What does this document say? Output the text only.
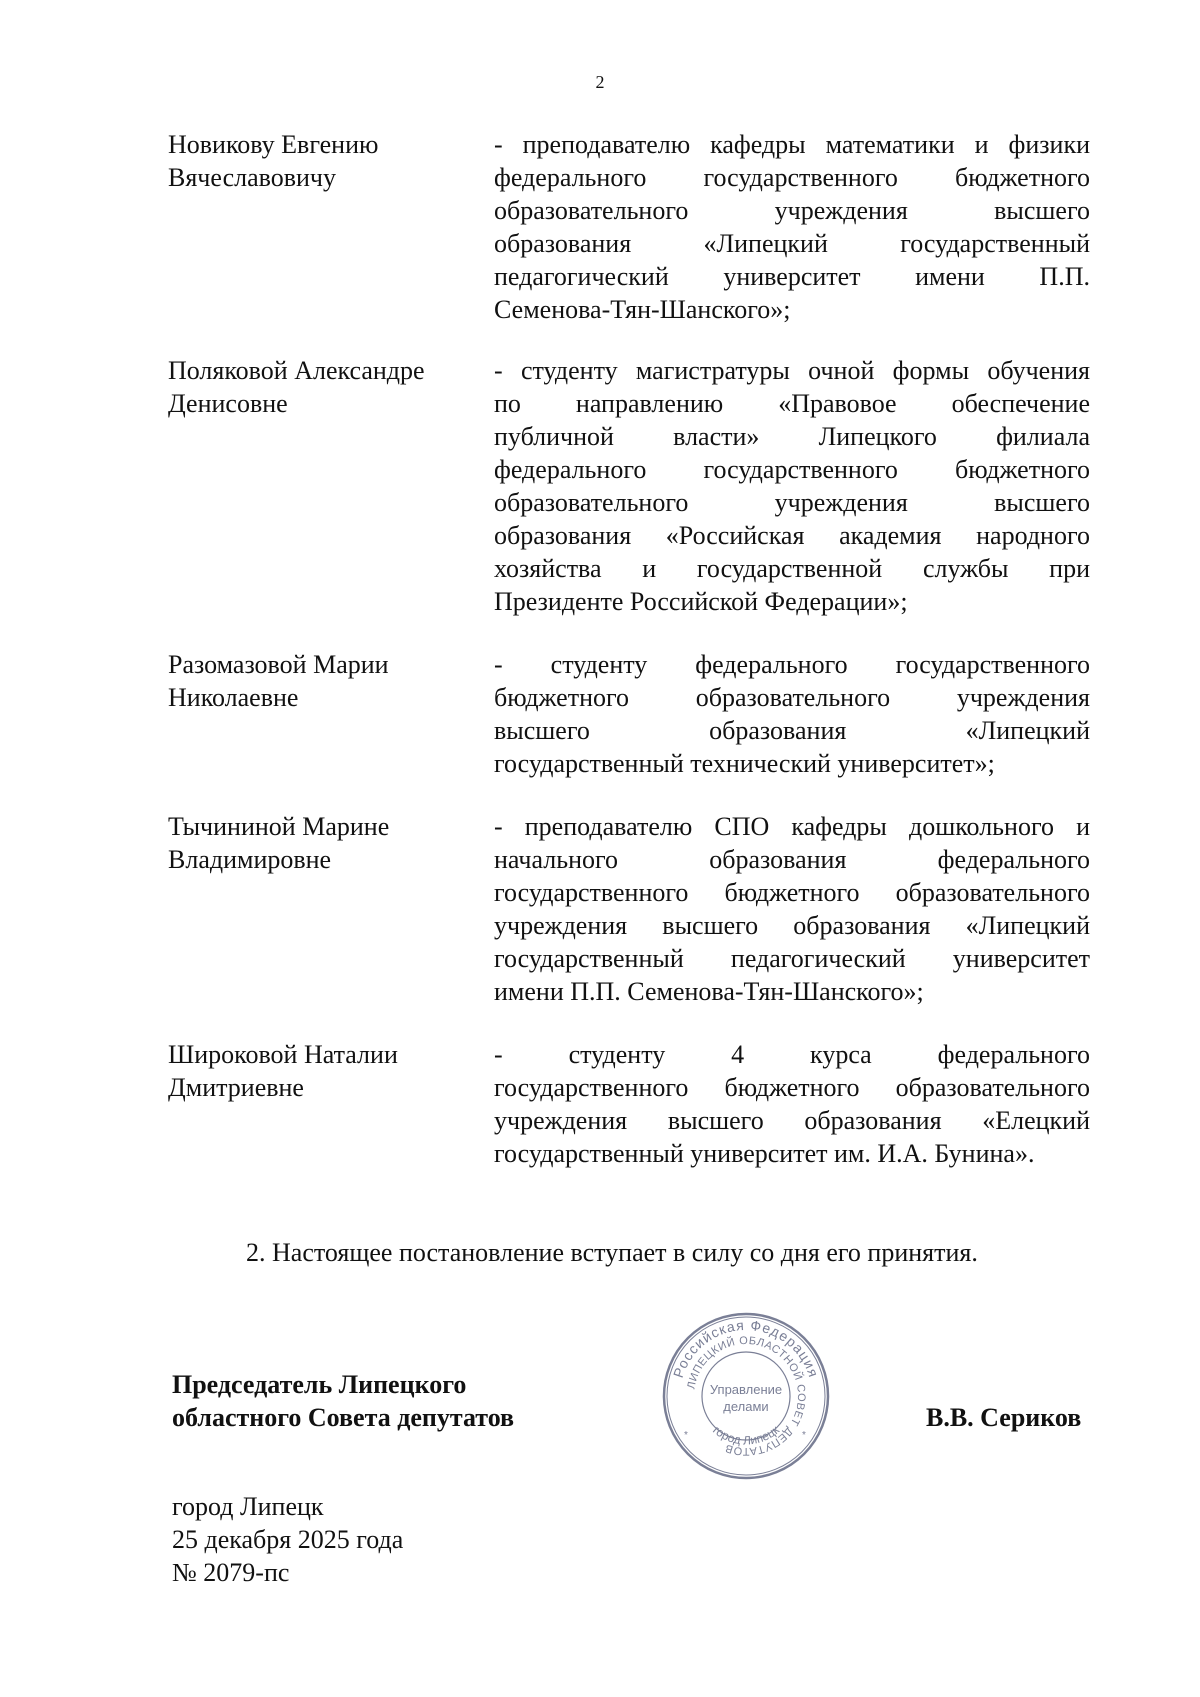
2
Новикову Евгению
Вячеславовичу
- преподавателю кафедры математики и физики
федерального государственного бюджетного
образовательного учреждения высшего
образования «Липецкий государственный
педагогический университет имени П.П.
Семенова-Тян-Шанского»;
Поляковой Александре
Денисовне
- студенту магистратуры очной формы обучения
по направлению «Правовое обеспечение
публичной власти» Липецкого филиала
федерального государственного бюджетного
образовательного учреждения высшего
образования «Российская академия народного
хозяйства и государственной службы при
Президенте Российской Федерации»;
Разомазовой Марии
Николаевне
- студенту федерального государственного
бюджетного образовательного учреждения
высшего образования «Липецкий
государственный технический университет»;
Тычининой Марине
Владимировне
- преподавателю СПО кафедры дошкольного и
начального образования федерального
государственного бюджетного образовательного
учреждения высшего образования «Липецкий
государственный педагогический университет
имени П.П. Семенова-Тян-Шанского»;
Широковой Наталии
Дмитриевне
- студенту 4 курса федерального
государственного бюджетного образовательного
учреждения высшего образования «Елецкий
государственный университет им. И.А. Бунина».
2. Настоящее постановление вступает в силу со дня его принятия.
Председатель Липецкого
областного Совета депутатов
Российская Федерация
ЛИПЕЦКИЙ ОБЛАСТНОЙ СОВЕТ ДЕПУТАТОВ
город Липецк
Управление
делами
*	*
В.В. Сериков
город Липецк
25 декабря 2025 года
№ 2079-пс
